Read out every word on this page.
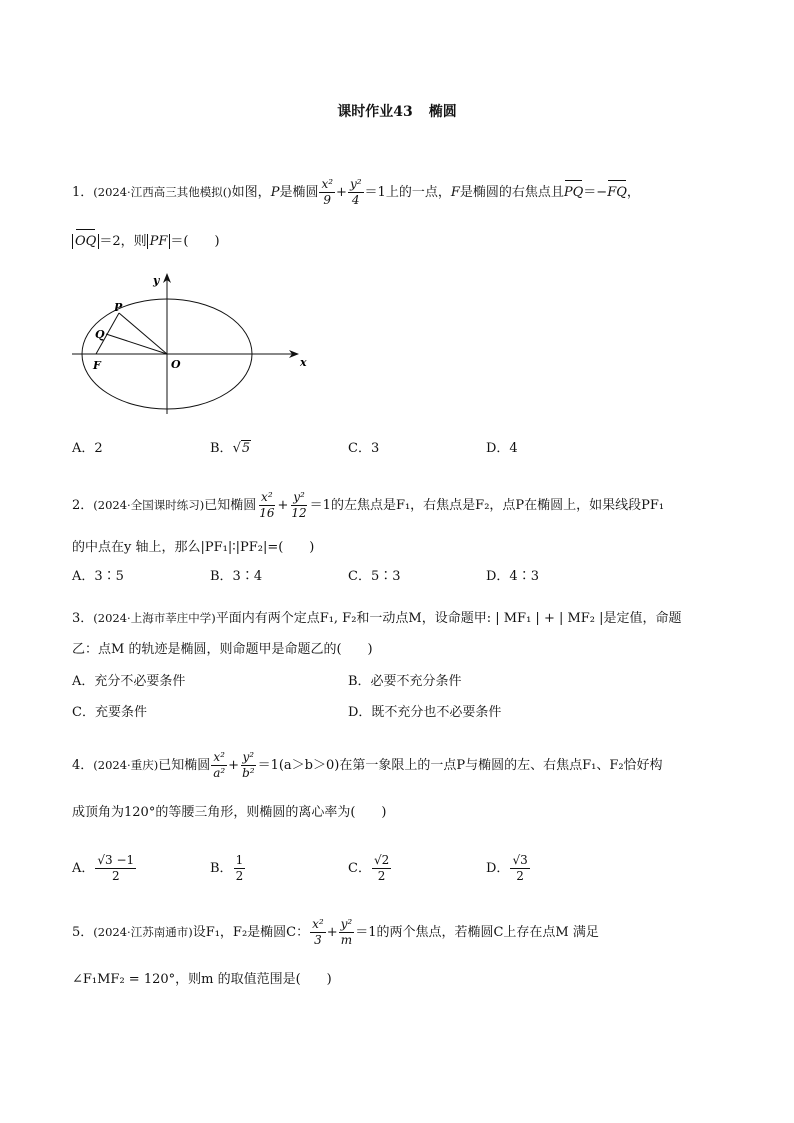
课时作业43 椭圆
1．(2024·江西高三其他模拟()如图，P是椭圆 $\frac{\text{x²}}{9} + \frac{\text{y²}}{4} =1$上的一点，F是椭圆的右焦点且PQ＝−FQ，
OQ ＝2，则 PF ＝(　　)
y
x
P
Q
O
F
A．2	B．√5	C．3	D．4
2．(2024·全国课时练习)已知椭圆 $\frac{\text{x²}}{16} + \frac{\text{y²}}{12} =1$的左焦点是F₁，右焦点是F₂，点P在椭圆上，如果线段PF₁
的中点在y 轴上，那么|PF₁|∶|PF₂|=(　　)
A．3∶5	B．3∶4	C．5∶3	D．4∶3
3．(2024·上海市莘庄中学)平面内有两个定点F₁, F₂和一动点M，设命题甲: | MF₁ | + | MF₂ |是定值，命题
乙：点M 的轨迹是椭圆，则命题甲是命题乙的(　　)
A．充分不必要条件	B．必要不充分条件
C．充要条件	D．既不充分也不必要条件
4．(2024·重庆)已知椭圆 $\frac{\text{x²}}{\text{a²}} + \frac{\text{y²}}{\text{b²}} =1(a>b>0)$在第一象限上的一点P与椭圆的左、右焦点F₁、F₂恰好构
成顶角为120°的等腰三角形，则椭圆的离心率为(　　)
A． $\frac{√3 -1}{2}$	B． $\frac{1}{2}$	C． $\frac{√2}{2}$	D． $\frac{√3}{2}$
5．(2024·江苏南通市)设F₁，F₂是椭圆C： $\frac{\text{x²}}{3} + \frac{\text{y²}}{m} =1$的两个焦点，若椭圆C上存在点M 满足
∠F₁MF₂ = 120°，则m 的取值范围是(　　)
